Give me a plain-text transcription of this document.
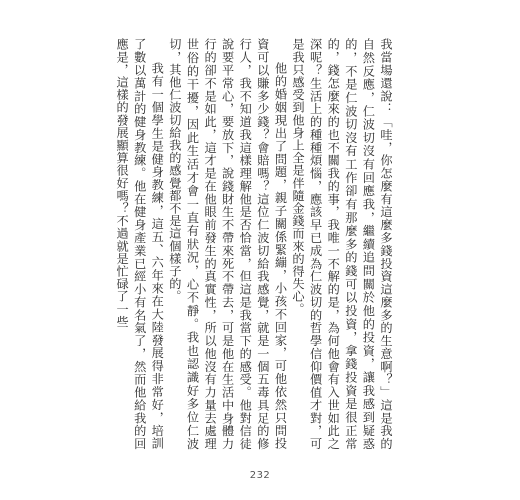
我當場還說：「哇，你怎麼有這麼多錢投資這麼多的生意啊？」這是我的自然反應，仁波切沒有回應我，繼續追問關於他的投資，讓我感到疑惑的，不是仁波切沒有工作卻有那麼多的錢可以投資，拿錢投資是很正常的，錢怎麼來的也不關我的事，我唯一不解的是，為何他會有入世如此之深呢？生活上的種種煩惱，應該早已成為仁波切的哲學信仰價值才對，可是我只感受到他身上全是伴隨金錢而來的得失心。

他的婚姻現出了問題，親子關係緊繃，小孩不回家，可他依然只問投資可以賺多少錢？會賠嗎？這位仁波切給我感覺，就是一個五毒具足的修行人，我不知道我這樣理解他是否恰當，但這是我當下的感受。他對信徒說要平常心，要放下，說錢財生不帶來死不帶去，可是他在生活中身體力行的卻不是如此，這才是在他眼前發生的真實性，所以他沒有力量去處理世俗的干擾，因此生活才會一直有狀況，心不靜。我也認識好多位仁波切，其他仁波切給我的感覺都不是這個樣子的。

我有一個學生是健身教練，這五、六年來在大陸發展得非常好，培訓了數以萬計的健身教練。他在健身產業已經小有名氣了，然而他給我的回應是，這樣的發展顯算很好嗎？不過就是忙碌了一些

232
